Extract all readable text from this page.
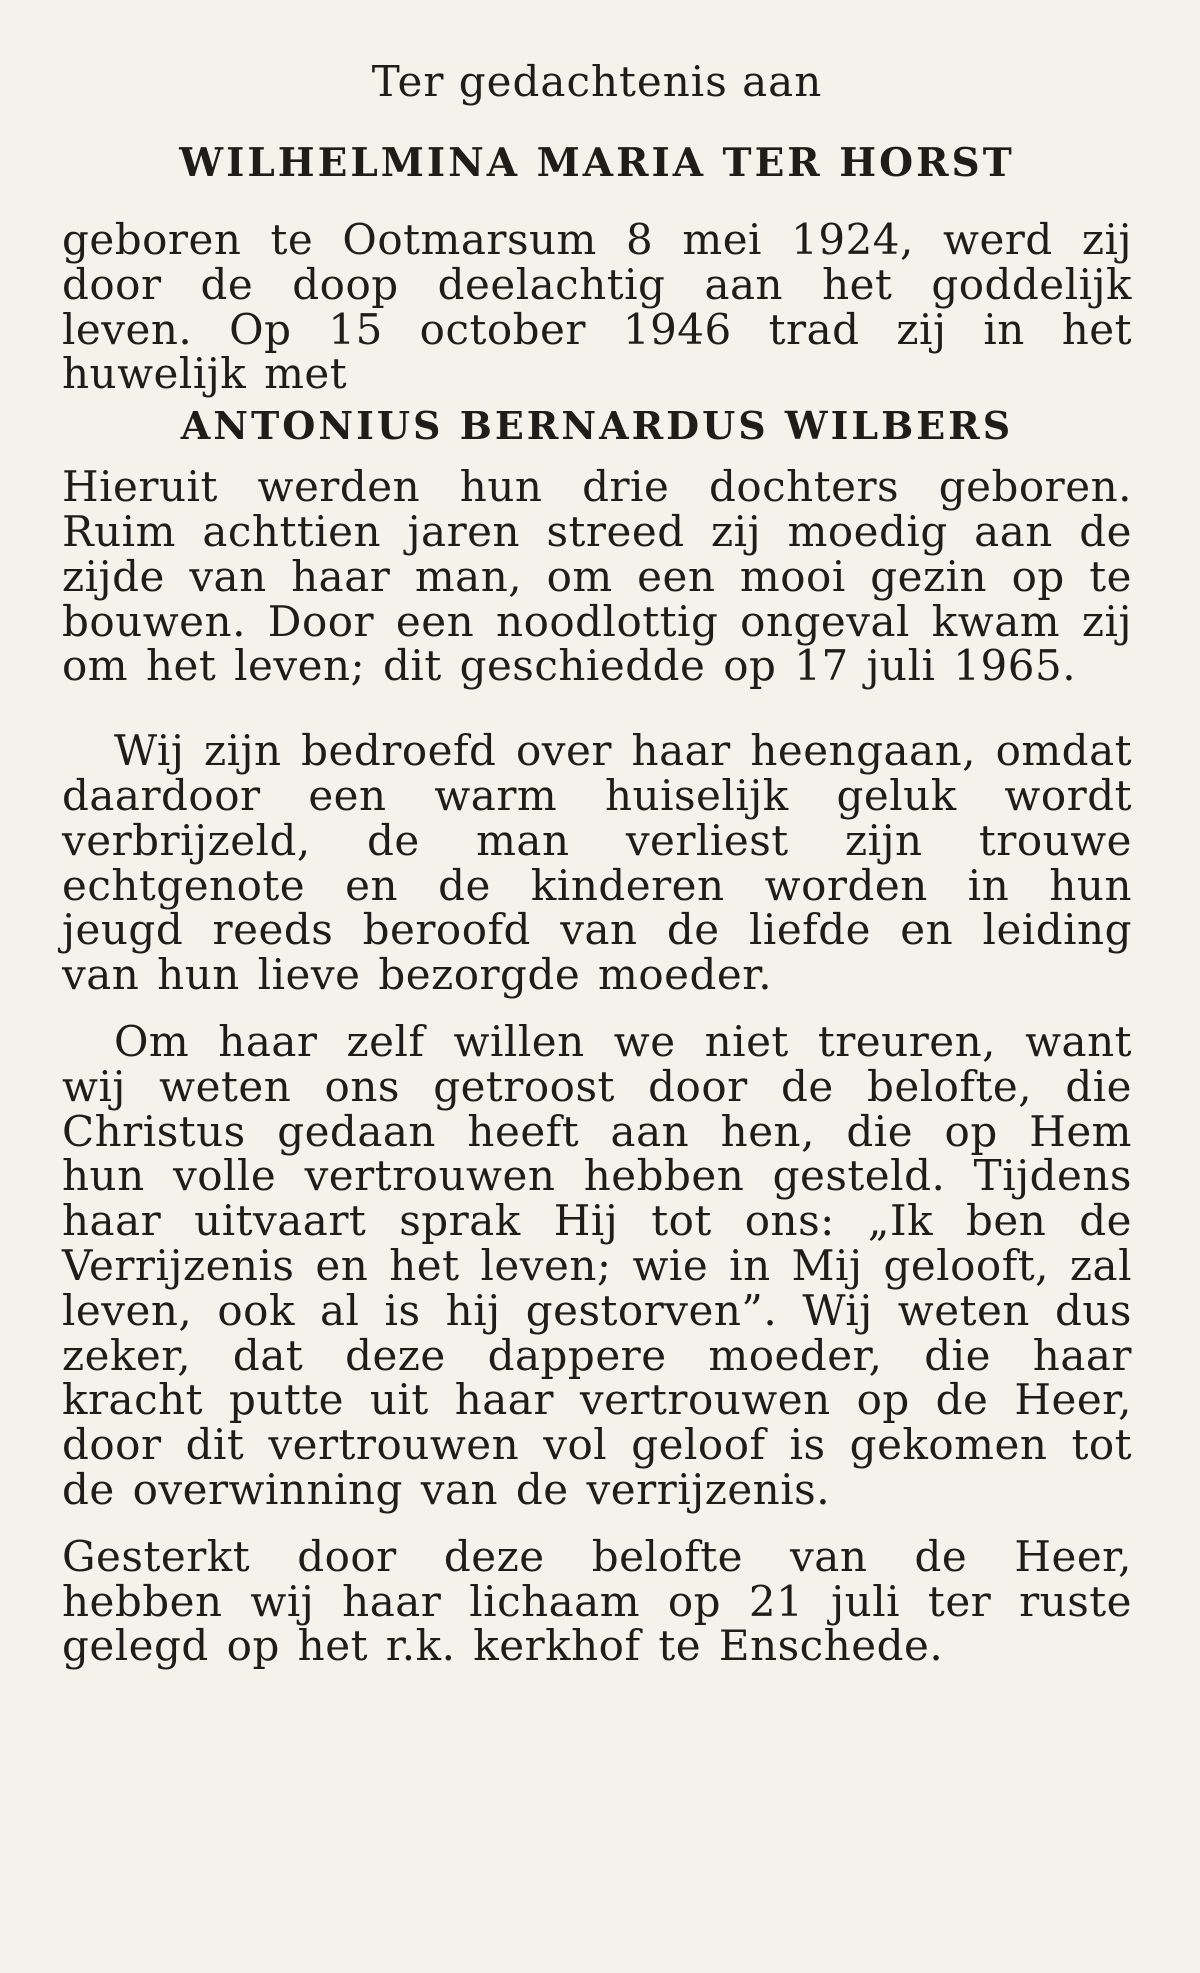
Ter gedachtenis aan

WILHELMINA MARIA TER HORST

geboren te Ootmarsum 8 mei 1924, werd zij door de doop deelachtig aan het goddelijk leven. Op 15 october 1946 trad zij in het huwelijk met

ANTONIUS BERNARDUS WILBERS

Hieruit werden hun drie dochters geboren. Ruim achttien jaren streed zij moedig aan de zijde van haar man, om een mooi gezin op te bouwen. Door een noodlottig ongeval kwam zij om het leven; dit geschiedde op 17 juli 1965.

Wij zijn bedroefd over haar heengaan, omdat daardoor een warm huiselijk geluk wordt verbrijzeld, de man verliest zijn trouwe echtgenote en de kinderen worden in hun jeugd reeds beroofd van de liefde en leiding van hun lieve bezorgde moeder.

Om haar zelf willen we niet treuren, want wij weten ons getroost door de belofte, die Christus gedaan heeft aan hen, die op Hem hun volle vertrouwen hebben gesteld. Tijdens haar uitvaart sprak Hij tot ons: „Ik ben de Verrijzenis en het leven; wie in Mij gelooft, zal leven, ook al is hij gestorven”. Wij weten dus zeker, dat deze dappere moeder, die haar kracht putte uit haar vertrouwen op de Heer, door dit vertrouwen vol geloof is gekomen tot de overwinning van de verrijzenis.

Gesterkt door deze belofte van de Heer, hebben wij haar lichaam op 21 juli ter ruste gelegd op het r.k. kerkhof te Enschede.
